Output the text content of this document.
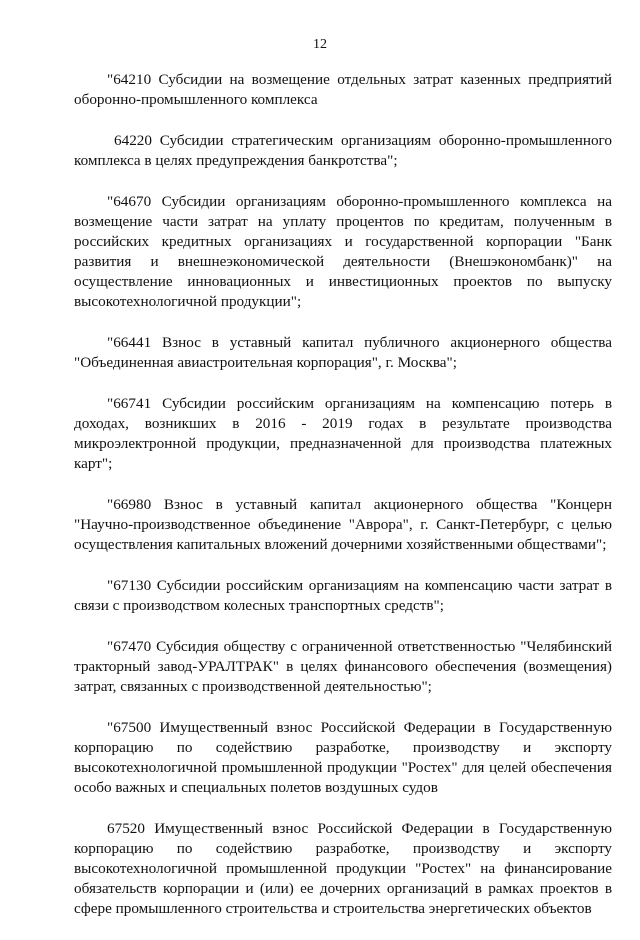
12

"64210 Субсидии на возмещение отдельных затрат казенных предприятий оборонно-промышленного комплекса

64220 Субсидии стратегическим организациям оборонно-промышленного комплекса в целях предупреждения банкротства";

"64670 Субсидии организациям оборонно-промышленного комплекса на возмещение части затрат на уплату процентов по кредитам, полученным в российских кредитных организациях и государственной корпорации "Банк развития и внешнеэкономической деятельности (Внешэкономбанк)" на осуществление инновационных и инвестиционных проектов по выпуску высокотехнологичной продукции";

"66441 Взнос в уставный капитал публичного акционерного общества "Объединенная авиастроительная корпорация", г. Москва";

"66741 Субсидии российским организациям на компенсацию потерь в доходах, возникших в 2016 - 2019 годах в результате производства микроэлектронной продукции, предназначенной для производства платежных карт";

"66980 Взнос в уставный капитал акционерного общества "Концерн "Научно-производственное объединение "Аврора", г. Санкт-Петербург, с целью осуществления капитальных вложений дочерними хозяйственными обществами";

"67130 Субсидии российским организациям на компенсацию части затрат в связи с производством колесных транспортных средств";

"67470 Субсидия обществу с ограниченной ответственностью "Челябинский тракторный завод-УРАЛТРАК" в целях финансового обеспечения (возмещения) затрат, связанных с производственной деятельностью";

"67500 Имущественный взнос Российской Федерации в Государственную корпорацию по содействию разработке, производству и экспорту высокотехнологичной промышленной продукции "Ростех" для целей обеспечения особо важных и специальных полетов воздушных судов

67520 Имущественный взнос Российской Федерации в Государственную корпорацию по содействию разработке, производству и экспорту высокотехнологичной промышленной продукции "Ростех" на финансирование обязательств корпорации и (или) ее дочерних организаций в рамках проектов в сфере промышленного строительства и строительства энергетических объектов
